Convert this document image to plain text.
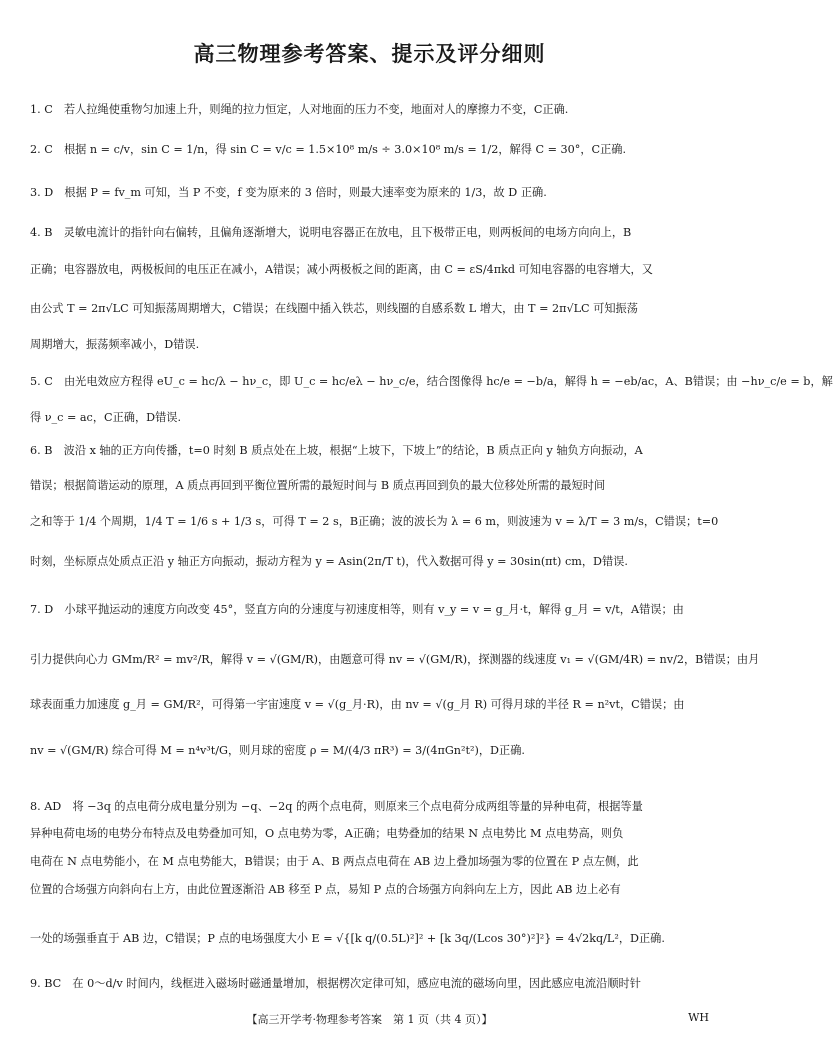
高三物理参考答案、提示及评分细则
1. C　若人拉绳使重物匀加速上升，则绳的拉力恒定，人对地面的压力不变，地面对人的摩擦力不变，C正确.
2. C　根据 n = c/v，sin C = 1/n，得 sin C = v/c = 1.5×10⁸ m/s ÷ 3.0×10⁸ m/s = 1/2，解得 C = 30°，C正确.
3. D　根据 P = fv_m 可知，当 P 不变，f 变为原来的 3 倍时，则最大速率变为原来的 1/3，故 D 正确.
4. B　灵敏电流计的指针向右偏转，且偏角逐渐增大，说明电容器正在放电，且下极带正电，则两板间的电场方向向上，B
正确；电容器放电，两极板间的电压正在减小，A错误；减小两极板之间的距离，由 C = εS/4πkd 可知电容器的电容增大，又
由公式 T = 2π√LC 可知振荡周期增大，C错误；在线圈中插入铁芯，则线圈的自感系数 L 增大，由 T = 2π√LC 可知振荡
周期增大，振荡频率减小，D错误.
5. C　由光电效应方程得 eU_c = hc/λ − hν_c，即 U_c = hc/eλ − hν_c/e，结合图像得 hc/e = −b/a，解得 h = −eb/ac，A、B错误；由 −hν_c/e = b，解
得 ν_c = ac，C正确，D错误.
6. B　波沿 x 轴的正方向传播，t=0 时刻 B 质点处在上坡，根据“上坡下，下坡上”的结论，B 质点正向 y 轴负方向振动，A
错误；根据简谐运动的原理，A 质点再回到平衡位置所需的最短时间与 B 质点再回到负的最大位移处所需的最短时间
之和等于 1/4 个周期，1/4 T = 1/6 s + 1/3 s，可得 T = 2 s，B正确；波的波长为 λ = 6 m，则波速为 v = λ/T = 3 m/s，C错误；t=0
时刻，坐标原点处质点正沿 y 轴正方向振动，振动方程为 y = Asin(2π/T t)，代入数据可得 y = 30sin(πt) cm，D错误.
7. D　小球平抛运动的速度方向改变 45°，竖直方向的分速度与初速度相等，则有 v_y = v = g_月·t，解得 g_月 = v/t，A错误；由
引力提供向心力 GMm/R² = mv²/R，解得 v = √(GM/R)，由题意可得 nv = √(GM/R)，探测器的线速度 v₁ = √(GM/4R) = nv/2，B错误；由月
球表面重力加速度 g_月 = GM/R²，可得第一宇宙速度 v = √(g_月·R)，由 nv = √(g_月 R) 可得月球的半径 R = n²vt，C错误；由
nv = √(GM/R) 综合可得 M = n⁴v³t/G，则月球的密度 ρ = M/(4/3 πR³) = 3/(4πGn²t²)，D正确.
8. AD　将 −3q 的点电荷分成电量分别为 −q、−2q 的两个点电荷，则原来三个点电荷分成两组等量的异种电荷，根据等量
异种电荷电场的电势分布特点及电势叠加可知，O 点电势为零，A正确；电势叠加的结果 N 点电势比 M 点电势高，则负
电荷在 N 点电势能小，在 M 点电势能大，B错误；由于 A、B 两点点电荷在 AB 边上叠加场强为零的位置在 P 点左侧，此
位置的合场强方向斜向右上方，由此位置逐渐沿 AB 移至 P 点，易知 P 点的合场强方向斜向左上方，因此 AB 边上必有
一处的场强垂直于 AB 边，C错误；P 点的电场强度大小 E = √{[k q/(0.5L)²]² + [k 3q/(Lcos 30°)²]²} = 4√2kq/L²，D正确.
9. BC　在 0～d/v 时间内，线框进入磁场时磁通量增加，根据楞次定律可知，感应电流的磁场向里，因此感应电流沿顺时针
【高三开学考·物理参考答案　第 1 页（共 4 页）】	WH
